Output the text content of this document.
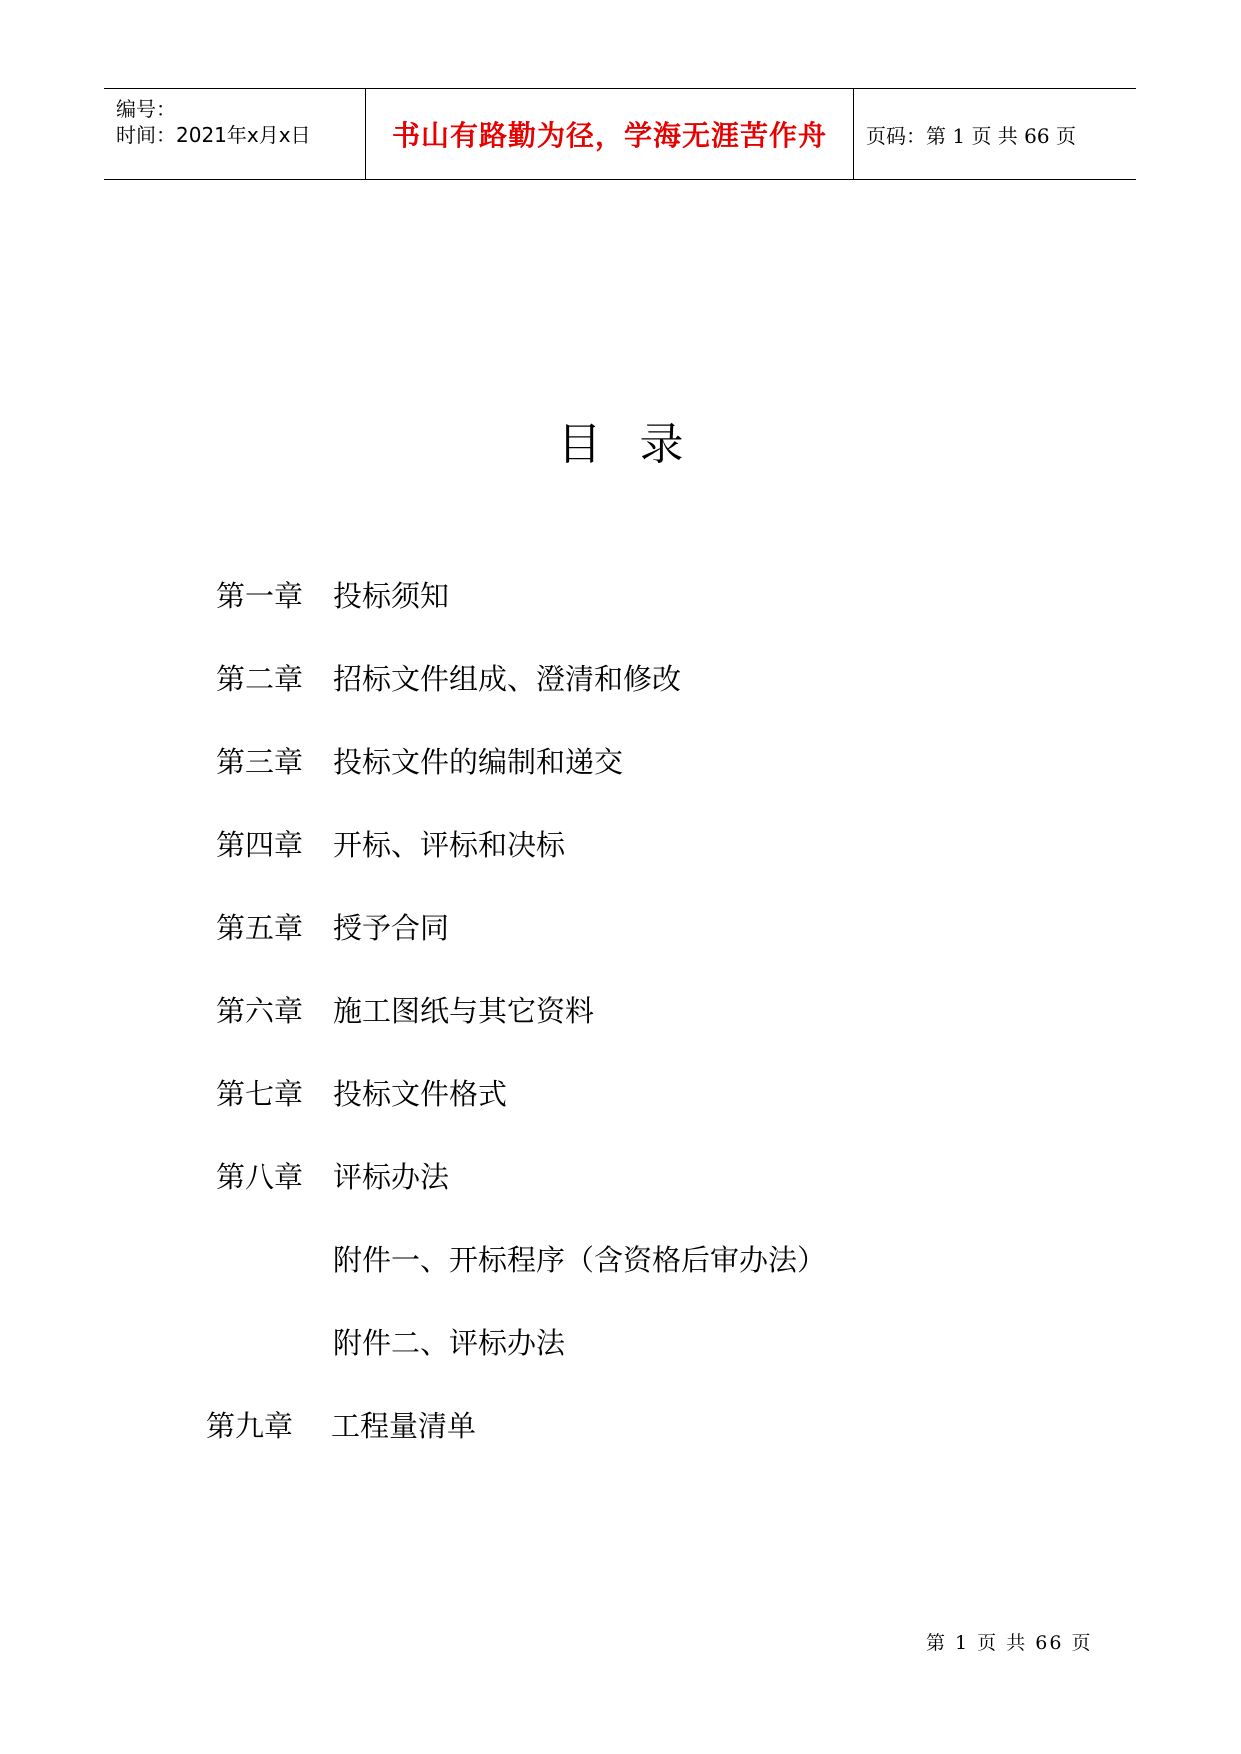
编号：
时间：2021年x月x日	书山有路勤为径，学海无涯苦作舟 页码：第 1 页 共 66 页
目录
第一章 投标须知
第二章 招标文件组成、澄清和修改
第三章 投标文件的编制和递交
第四章 开标、评标和决标
第五章 授予合同
第六章 施工图纸与其它资料
第七章 投标文件格式
第八章 评标办法
附件一、开标程序（含资格后审办法）
附件二、评标办法
第九章 工程量清单
第 1 页 共 66 页
